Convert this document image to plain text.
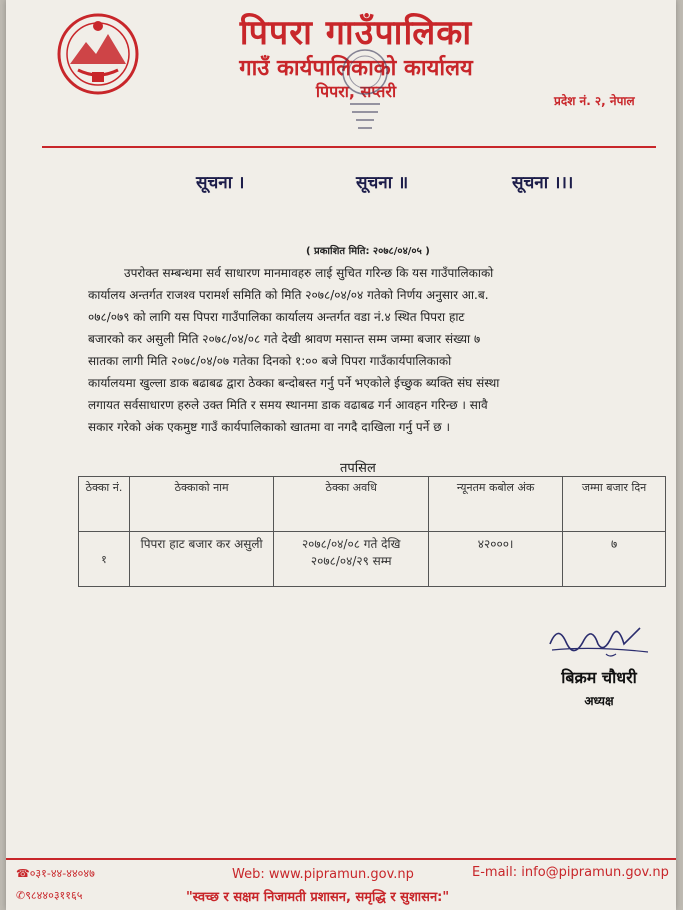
पिपरा गाउँपालिका
गाउँ कार्यपालिकाको कार्यालय
पिपरा, सप्तरी	प्रदेश नं. २, नेपाल
सूचना ।	सूचना ॥	सूचना ।।।
( प्रकाशित मिति: २०७८/०४/०५ )
उपरोक्त सम्बन्धमा सर्व साधारण मानमावहरु लाई सुचित गरिन्छ कि यस गाउँपालिकाको
कार्यालय अन्तर्गत राजश्व परामर्श समिति को मिति २०७८/०४/०४ गतेको निर्णय अनुसार आ.ब.
०७८/०७९ को लागि यस पिपरा गाउँपालिका कार्यालय अन्तर्गत वडा नं.४ स्थित पिपरा हाट
बजारको कर असुली मिति २०७८/०४/०८ गते देखी श्रावण मसान्त सम्म जम्मा बजार संख्या ७
सातका लागी मिति २०७८/०४/०७ गतेका दिनको १:०० बजे पिपरा गाउँकार्यपालिकाको
कार्यालयमा खुल्ला डाक बढाबढ द्वारा ठेक्का बन्दोबस्त गर्नु पर्ने भएकोले ईच्छुक ब्यक्ति संघ संस्था
लगायत सर्वसाधारण हरुले उक्त मिति र समय स्थानमा डाक वढाबढ गर्न आवहन गरिन्छ । सावै
सकार गरेको अंक एकमुष्ट गाउँ कार्यपालिकाको खातमा वा नगदै दाखिला गर्नु पर्ने छ ।
तपसिल
ठेक्का नं.	ठेक्काको नाम	ठेक्का अवधि	न्यूनतम कबोल अंक	जम्मा बजार दिन
१	पिपरा हाट बजार कर असुली	२०७८/०४/०८ गते देखि २०७८/०४/२९ सम्म	४२०००।	७
बिक्रम चौधरी
अध्यक्ष
☎०३१-४४-४४०४७	Web: www.pipramun.gov.np	E-mail: info@pipramun.gov.np
✆९८४४०३११६५	"स्वच्छ र सक्षम निजामती प्रशासन, समृद्धि र सुशासन:"
